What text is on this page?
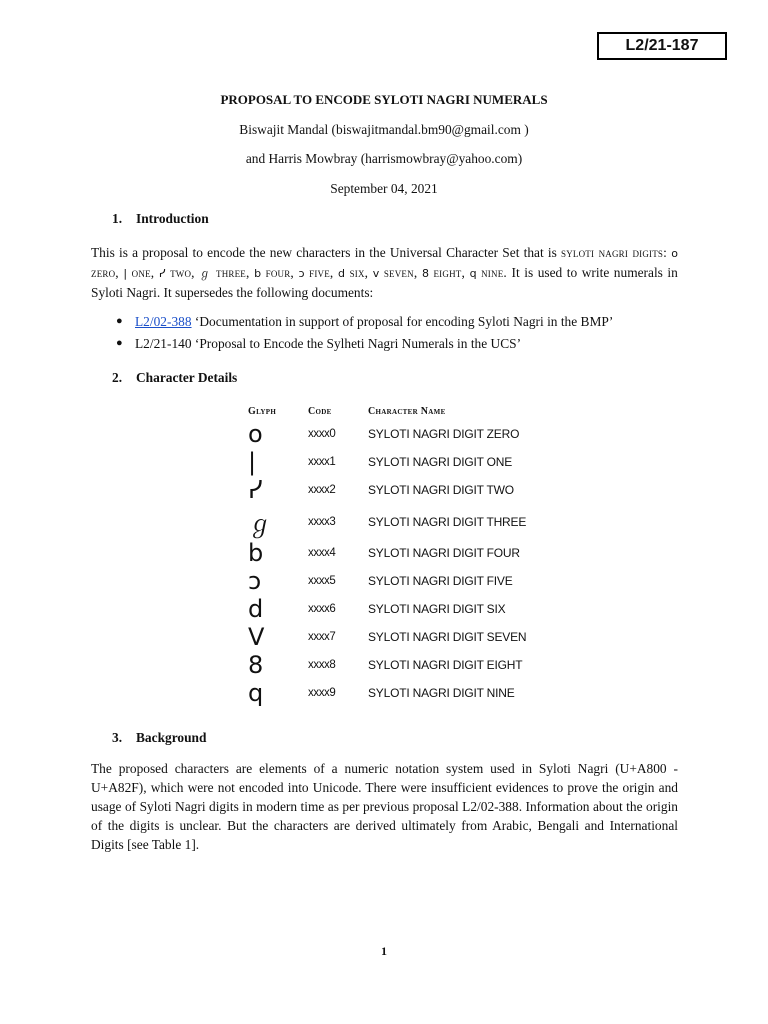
L2/21-187
PROPOSAL TO ENCODE SYLOTI NAGRI NUMERALS
Biswajit Mandal (biswajitmandal.bm90@gmail.com )
and Harris Mowbray (harrismowbray@yahoo.com)
September 04, 2021
1. Introduction
This is a proposal to encode the new characters in the Universal Character Set that is syloti nagri digits: o zero, | one, ᓯ two, ℊ three, b four, ↄ five, d six, v seven, 8 eight, q nine. It is used to write numerals in Syloti Nagri. It supersedes the following documents:
● L2/02-388 ‘Documentation in support of proposal for encoding Syloti Nagri in the BMP’
● L2/21-140 ‘Proposal to Encode the Sylheti Nagri Numerals in the UCS’
2. Character Details
Glyph	Code	Character Name
o	xxxx0	SYLOTI NAGRI DIGIT ZERO
|	xxxx1	SYLOTI NAGRI DIGIT ONE
ᓯ	xxxx2	SYLOTI NAGRI DIGIT TWO
ℊ	xxxx3	SYLOTI NAGRI DIGIT THREE
b	xxxx4	SYLOTI NAGRI DIGIT FOUR
ↄ	xxxx5	SYLOTI NAGRI DIGIT FIVE
d	xxxx6	SYLOTI NAGRI DIGIT SIX
V	xxxx7	SYLOTI NAGRI DIGIT SEVEN
8	xxxx8	SYLOTI NAGRI DIGIT EIGHT
q	xxxx9	SYLOTI NAGRI DIGIT NINE
3. Background
The proposed characters are elements of a numeric notation system used in Syloti Nagri (U+A800 - U+A82F), which were not encoded into Unicode. There were insufficient evidences to prove the origin and usage of Syloti Nagri digits in modern time as per previous proposal L2/02-388. Information about the origin of the digits is unclear. But the characters are derived ultimately from Arabic, Bengali and International Digits [see Table 1].
1
